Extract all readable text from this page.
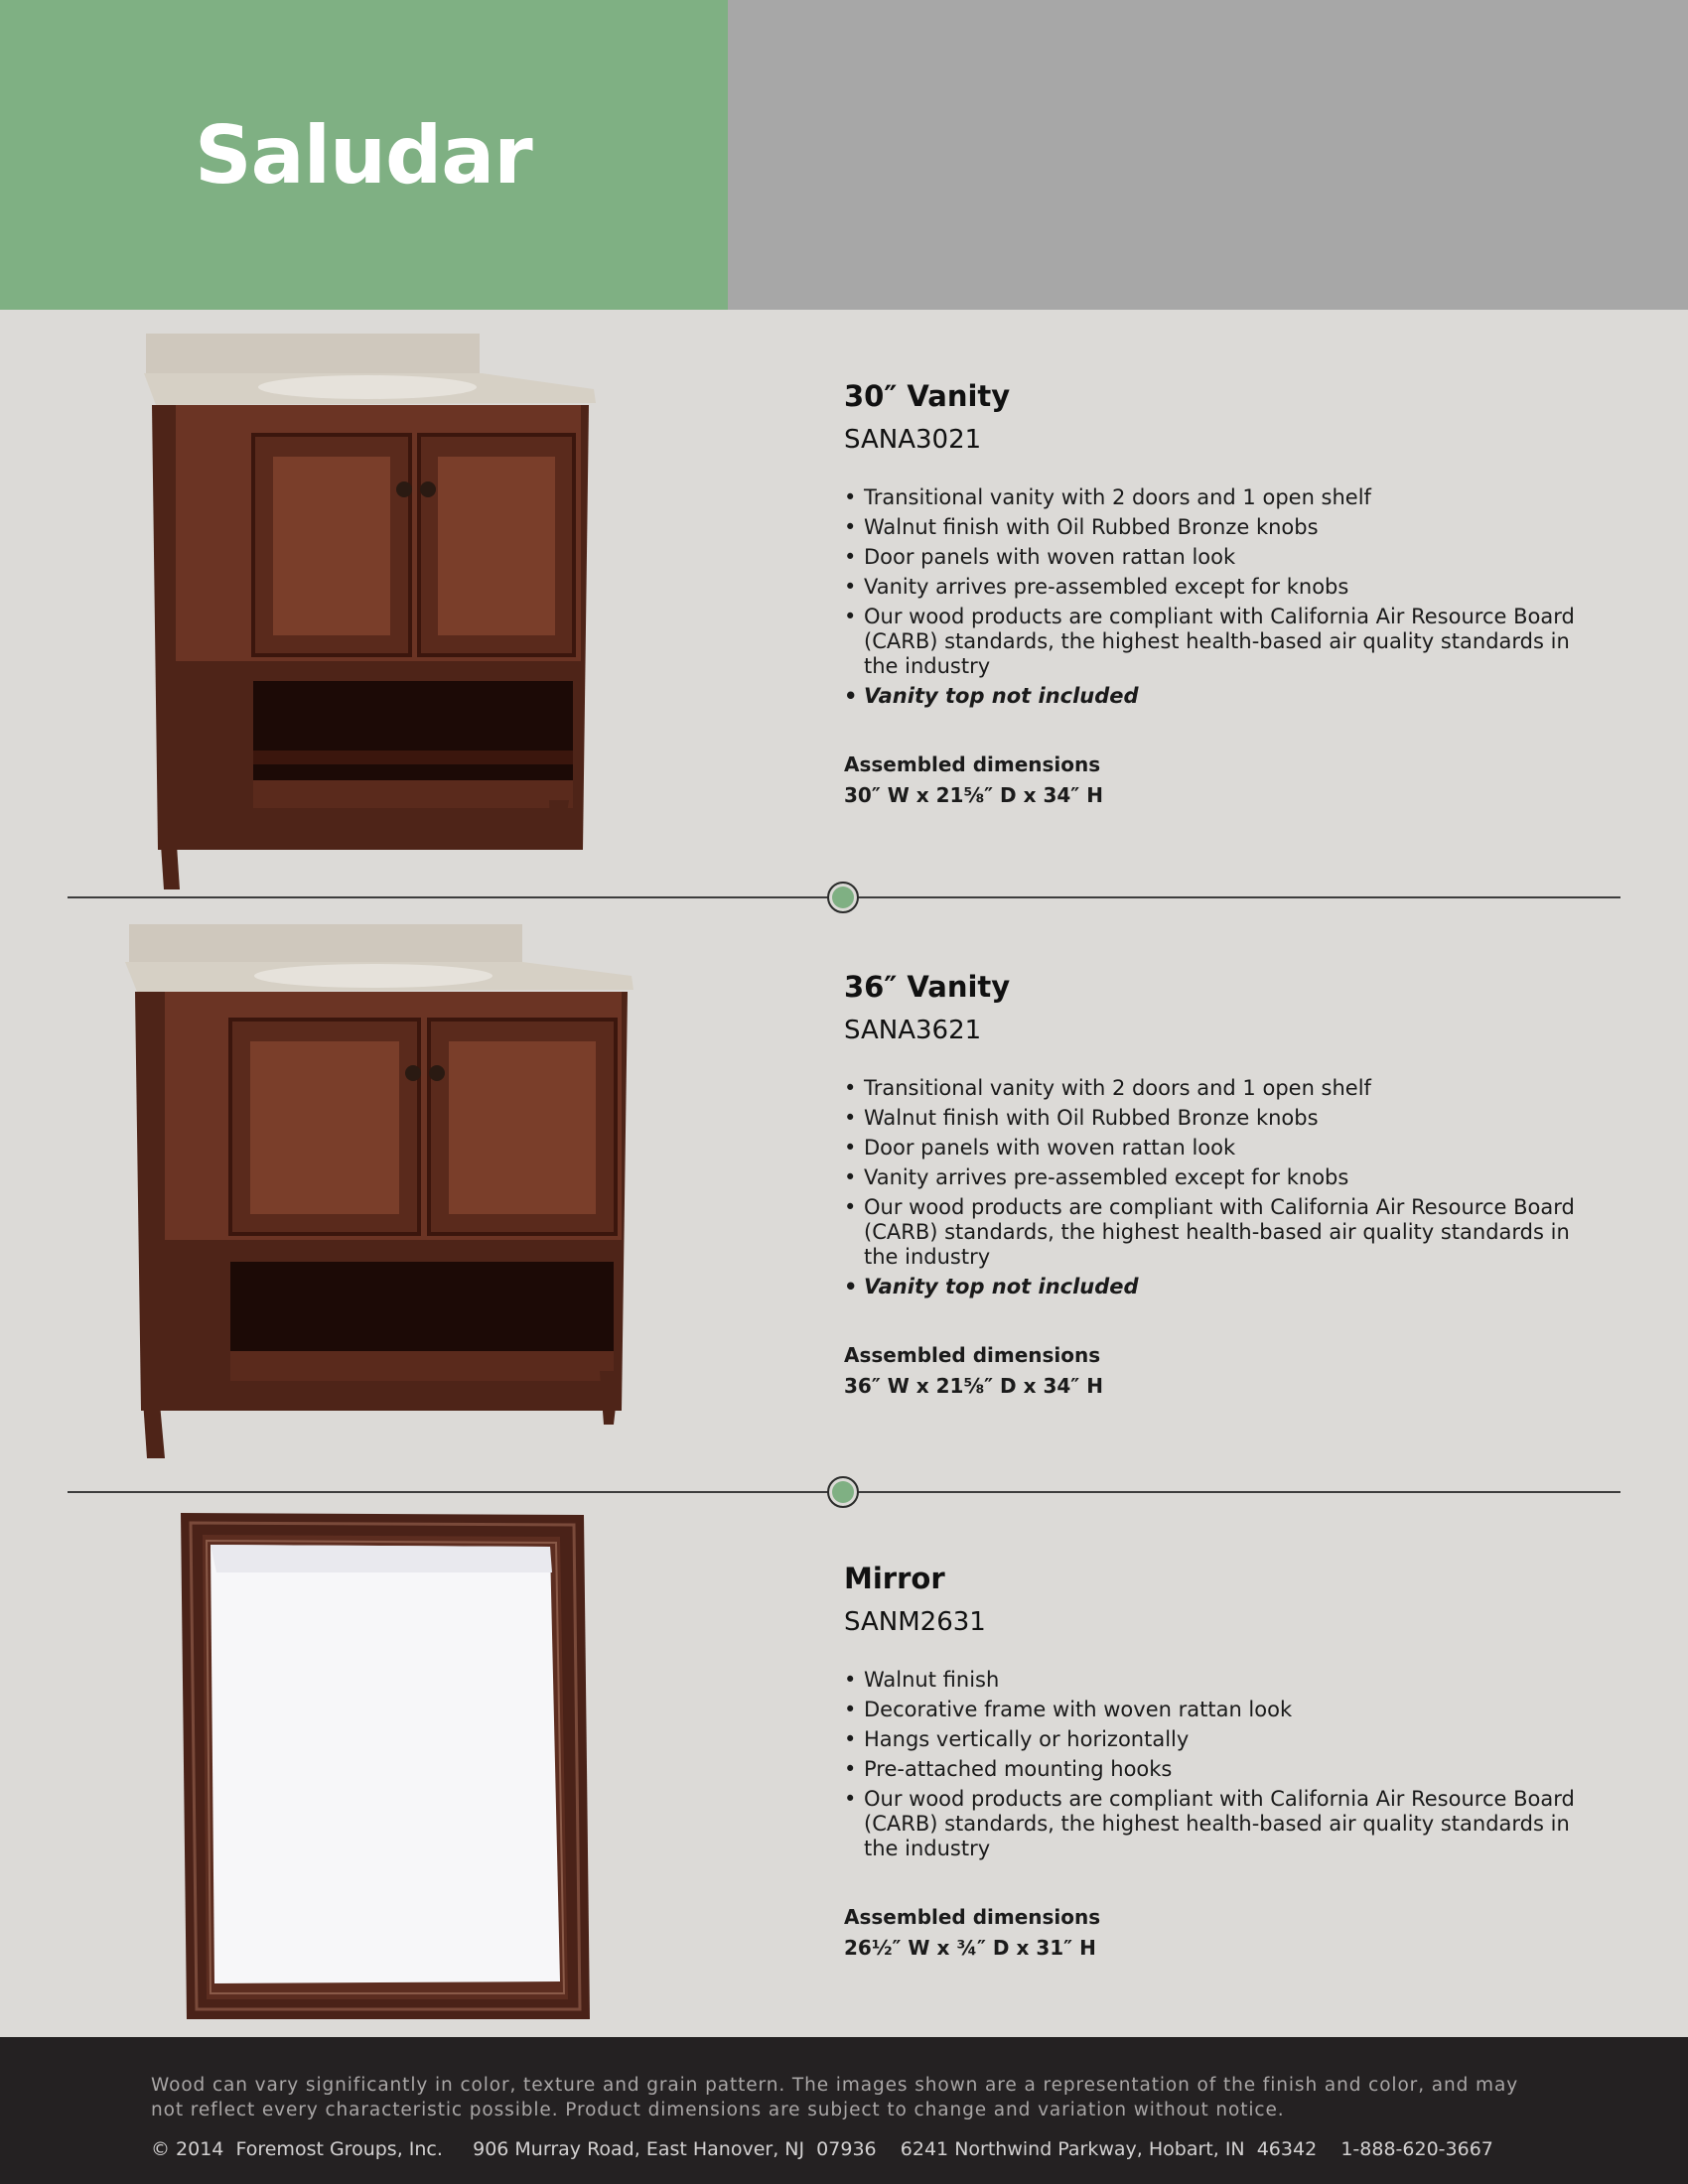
Saludar
30″ Vanity
SANA3021
• Transitional vanity with 2 doors and 1 open shelf
• Walnut finish with Oil Rubbed Bronze knobs
• Door panels with woven rattan look
• Vanity arrives pre-assembled except for knobs
• Our wood products are compliant with California Air Resource Board (CARB) standards, the highest health-based air quality standards in the industry
• Vanity top not included
Assembled dimensions
30″ W x 21⅝″ D x 34″ H
36″ Vanity
SANA3621
• Transitional vanity with 2 doors and 1 open shelf
• Walnut finish with Oil Rubbed Bronze knobs
• Door panels with woven rattan look
• Vanity arrives pre-assembled except for knobs
• Our wood products are compliant with California Air Resource Board (CARB) standards, the highest health-based air quality standards in the industry
• Vanity top not included
Assembled dimensions
36″ W x 21⅝″ D x 34″ H
Mirror
SANM2631
• Walnut finish
• Decorative frame with woven rattan look
• Hangs vertically or horizontally
• Pre-attached mounting hooks
• Our wood products are compliant with California Air Resource Board (CARB) standards, the highest health-based air quality standards in the industry
Assembled dimensions
26½″ W x ¾″ D x 31″ H
Wood can vary significantly in color, texture and grain pattern. The images shown are a representation of the finish and color, and may not reflect every characteristic possible. Product dimensions are subject to change and variation without notice.
© 2014  Foremost Groups, Inc. 906 Murray Road, East Hanover, NJ  07936 6241 Northwind Parkway, Hobart, IN  46342 1-888-620-3667
